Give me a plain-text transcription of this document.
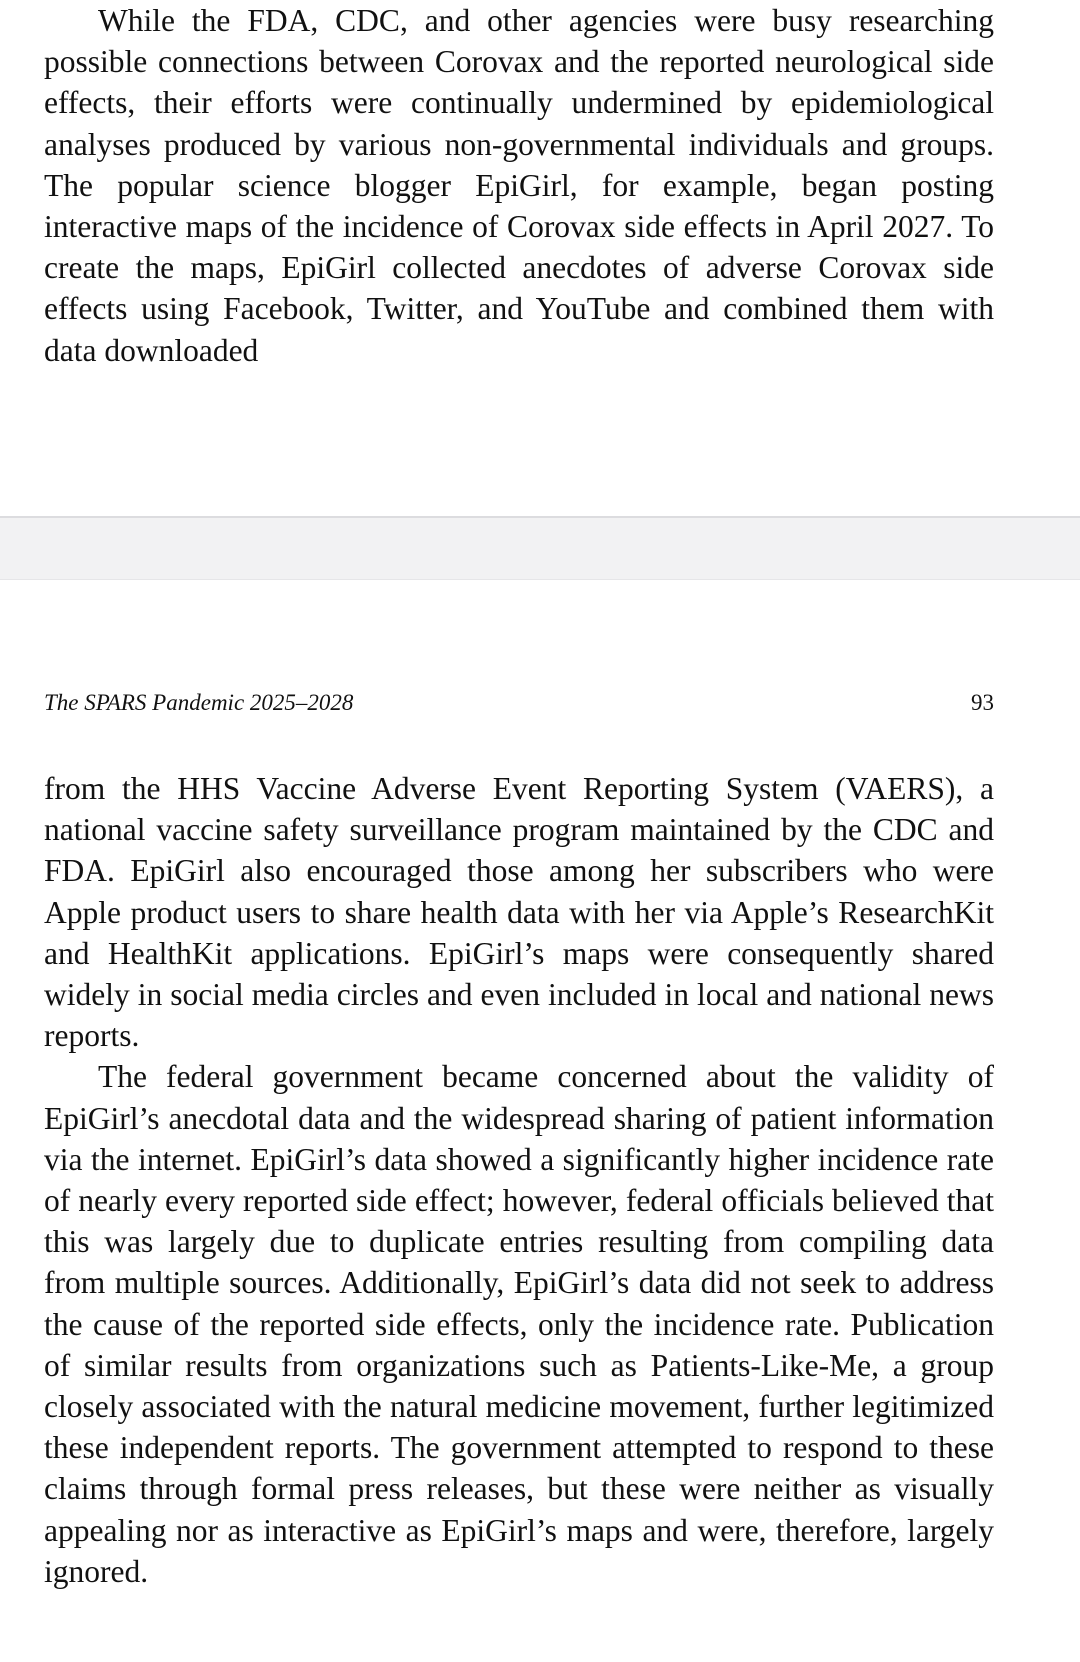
While the FDA, CDC, and other agencies were busy researching possible connections between Corovax and the reported neurological side effects, their efforts were continually undermined by epidemiological analyses produced by various non-governmental individuals and groups. The popular science blogger EpiGirl, for example, began posting interactive maps of the incidence of Corovax side effects in April 2027. To create the maps, EpiGirl collected anecdotes of adverse Corovax side effects using Facebook, Twitter, and YouTube and combined them with data downloaded

The SPARS Pandemic 2025–2028	93

from the HHS Vaccine Adverse Event Reporting System (VAERS), a national vaccine safety surveillance program maintained by the CDC and FDA. EpiGirl also encouraged those among her subscribers who were Apple product users to share health data with her via Apple’s ResearchKit and HealthKit applications. EpiGirl’s maps were consequently shared widely in social media circles and even included in local and national news reports.

The federal government became concerned about the validity of EpiGirl’s anecdotal data and the widespread sharing of patient information via the internet. EpiGirl’s data showed a significantly higher incidence rate of nearly every reported side effect; however, federal officials believed that this was largely due to duplicate entries resulting from compiling data from multiple sources. Additionally, EpiGirl’s data did not seek to address the cause of the reported side effects, only the incidence rate. Publication of similar results from organizations such as Patients-Like-Me, a group closely associated with the natural medicine movement, further legitimized these independent reports. The government attempted to respond to these claims through formal press releases, but these were neither as visually appealing nor as interactive as EpiGirl’s maps and were, therefore, largely ignored.
